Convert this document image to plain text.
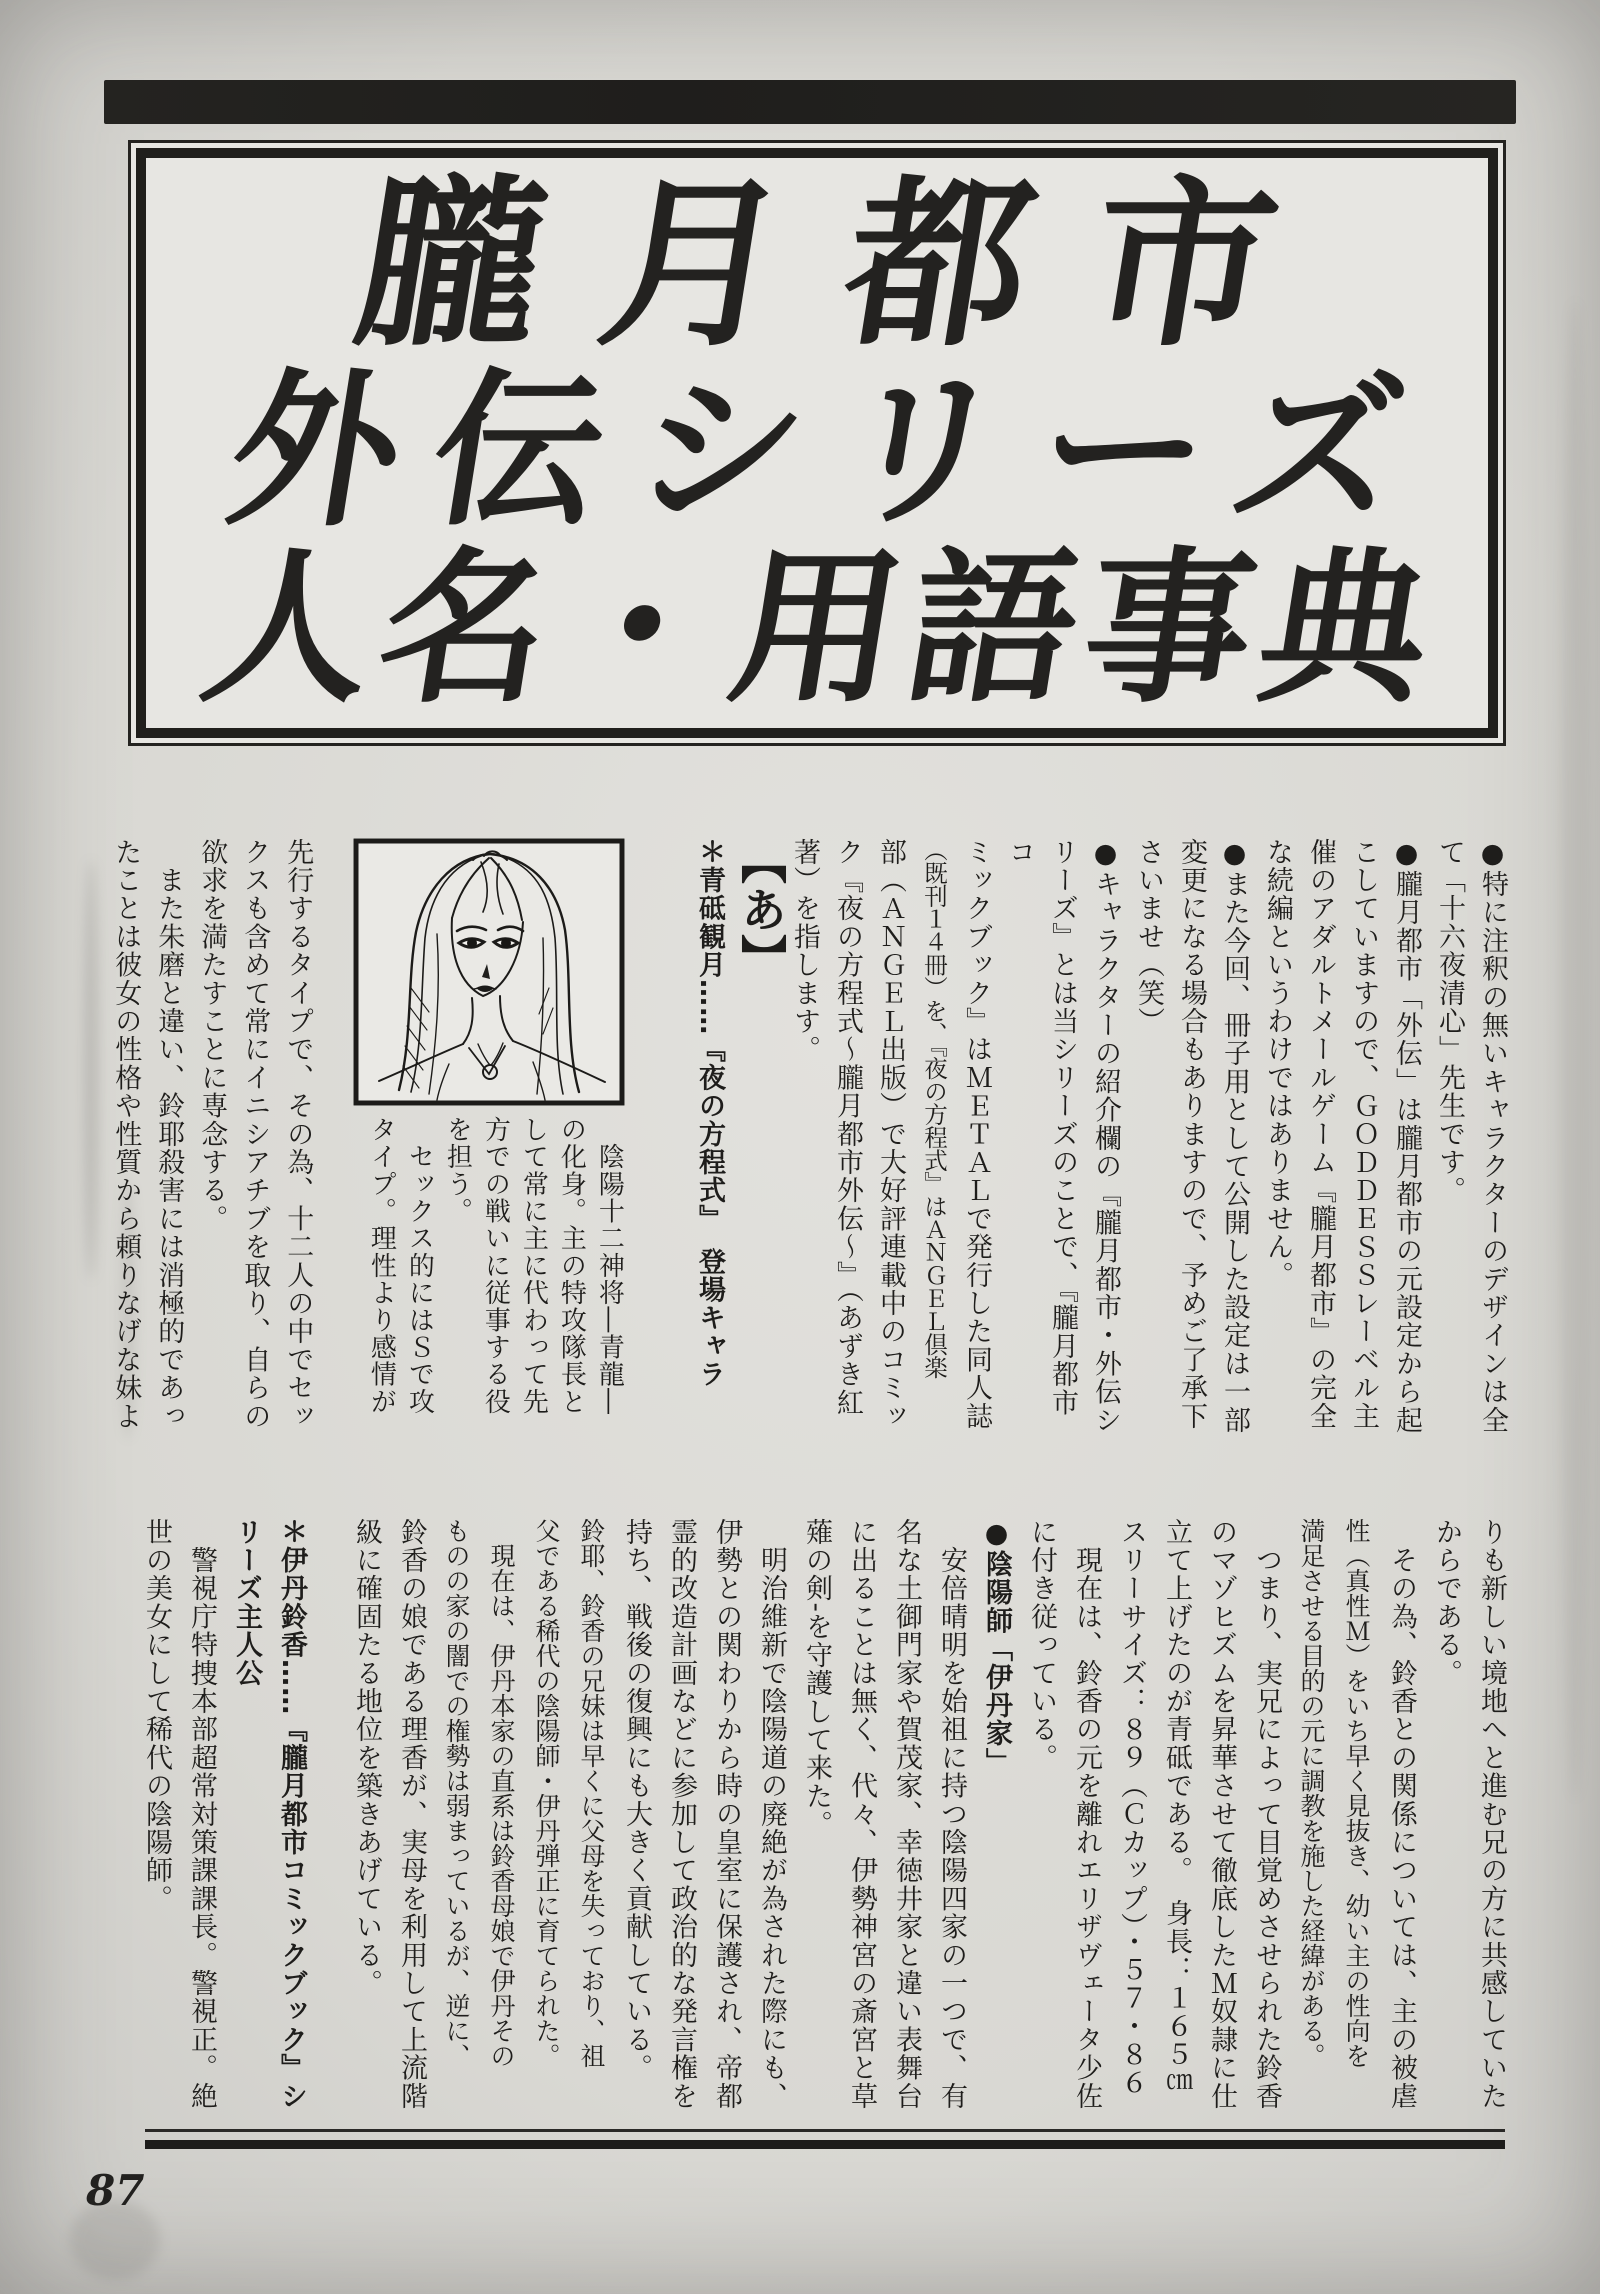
朧月都市
外伝シリーズ
人名・用語事典
先行するタイプで、その為、十二人の中でセッ
クスも含めて常にイニシアチブを取り、自らの
欲求を満たすことに専念する。
　また朱磨と違い、鈴耶殺害には消極的であっ
たことは彼女の性格や性質から頼りなげな妹よ	　陰陽十二神将―青龍―
の化身。主の特攻隊長と
して常に主に代わって先
方での戦いに従事する役
を担う。
　セックス的にはＳで攻
タイプ。理性より感情が
【あ】
＊青砥観月……『夜の方程式』　登場キャラ	●特に注釈の無いキャラクターのデザインは全
て「十六夜清心」先生です。
●朧月都市「外伝」は朧月都市の元設定から起
こしていますので、ＧＯＤＤＥＳＳレーベル主
催のアダルトメールゲーム『朧月都市』の完全
な続編というわけではありません。
●また今回、冊子用として公開した設定は一部
変更になる場合もありますので、予めご了承下
さいませ（笑）
●キャラクターの紹介欄の『朧月都市・外伝シ
リーズ』とは当シリーズのことで、『朧月都市コ
ミックブック』はＭＥＴＡＬで発行した同人誌
（既刊１４冊）を、『夜の方程式』はＡＮＧＥＬ倶楽
部（ＡＮＧＥＬ出版）で大好評連載中のコミッ
ク『夜の方程式～朧月都市外伝～』（あずき紅
著）を指します。
りも新しい境地へと進む兄の方に共感していた
からである。
　その為、鈴香との関係については、主の被虐
性（真性Ｍ）をいち早く見抜き、幼い主の性向を
満足させる目的の元に調教を施した経緯がある。
　つまり、実兄によって目覚めさせられた鈴香
のマゾヒズムを昇華させて徹底したＭ奴隷に仕
立て上げたのが青砥である。　身長：１６５㎝
スリーサイズ：８９（Ｃカップ）・５７・８６
　現在は、鈴香の元を離れエリザヴェータ少佐
に付き従っている。
●陰陽師「伊丹家」
　安倍晴明を始祖に持つ陰陽四家の一つで、有
名な土御門家や賀茂家、幸徳井家と違い表舞台
に出ることは無く、代々、伊勢神宮の斎宮と草
薙の剣‐を守護して来た。
　明治維新で陰陽道の廃絶が為された際にも、
伊勢との関わりから時の皇室に保護され、帝都
霊的改造計画などに参加して政治的な発言権を
持ち、戦後の復興にも大きく貢献している。
鈴耶、鈴香の兄妹は早くに父母を失っており、祖
父である稀代の陰陽師・伊丹弾正に育てられた。
　現在は、伊丹本家の直系は鈴香母娘で伊丹その
ものの家の闇での権勢は弱まっているが、逆に、
鈴香の娘である理香が、実母を利用して上流階
級に確固たる地位を築きあげている。
＊伊丹鈴香……『朧月都市コミックブック』シ
リーズ主人公
　警視庁特捜本部超常対策課課長。警視正。絶
世の美女にして稀代の陰陽師。
87
